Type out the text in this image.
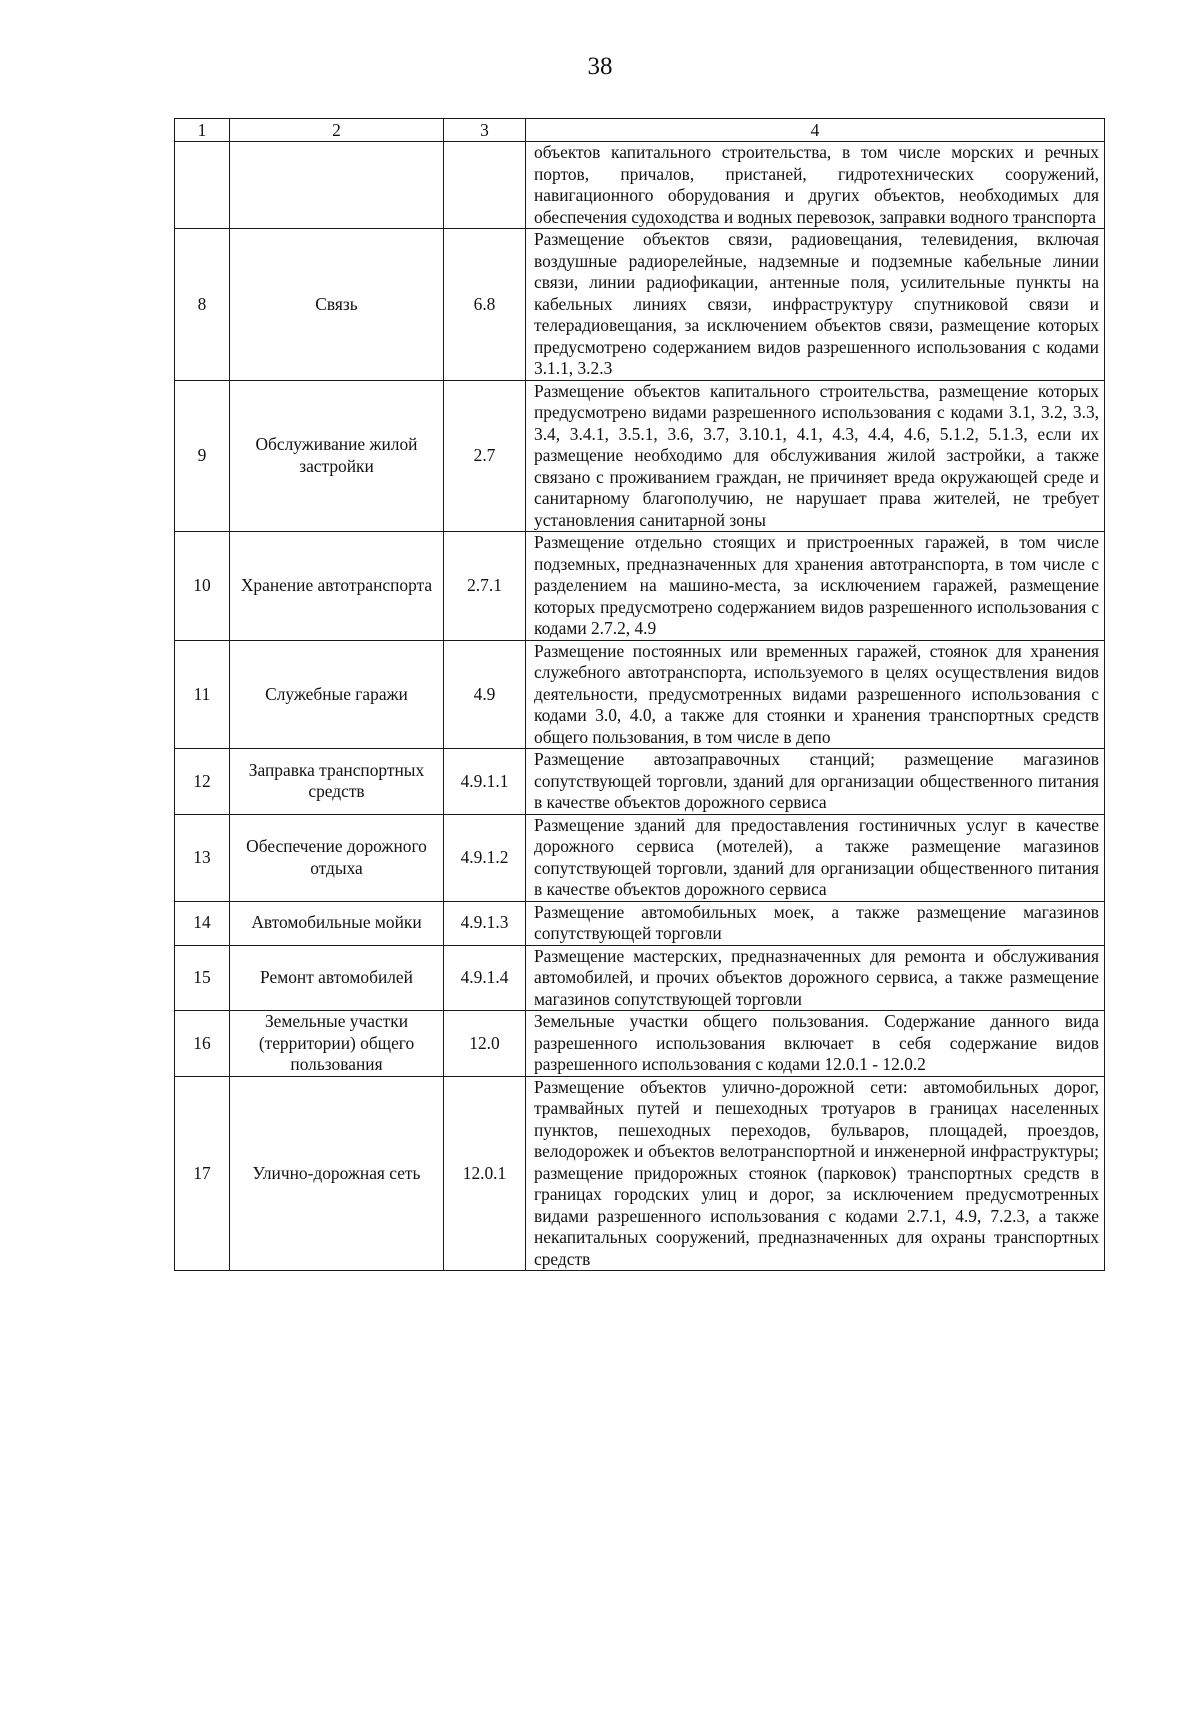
38
1	2	3	4
			объектов капитального строительства, в том числе морских и речных портов, причалов, пристаней, гидротехнических сооружений, навигационного оборудования и других объектов, необходимых для обеспечения судоходства и водных перевозок, заправки водного транспорта
8	Связь	6.8	Размещение объектов связи, радиовещания, телевидения, включая воздушные радиорелейные, надземные и подземные кабельные линии связи, линии радиофикации, антенные поля, усилительные пункты на кабельных линиях связи, инфраструктуру спутниковой связи и телерадиовещания, за исключением объектов связи, размещение которых предусмотрено содержанием видов разрешенного использования с кодами 3.1.1, 3.2.3
9	Обслуживание жилой застройки	2.7	Размещение объектов капитального строительства, размещение которых предусмотрено видами разрешенного использования с кодами 3.1, 3.2, 3.3, 3.4, 3.4.1, 3.5.1, 3.6, 3.7, 3.10.1, 4.1, 4.3, 4.4, 4.6, 5.1.2, 5.1.3, если их размещение необходимо для обслуживания жилой застройки, а также связано с проживанием граждан, не причиняет вреда окружающей среде и санитарному благополучию, не нарушает права жителей, не требует установления санитарной зоны
10	Хранение автотранспорта	2.7.1	Размещение отдельно стоящих и пристроенных гаражей, в том числе подземных, предназначенных для хранения автотранспорта, в том числе с разделением на машино-места, за исключением гаражей, размещение которых предусмотрено содержанием видов разрешенного использования с кодами 2.7.2, 4.9
11	Служебные гаражи	4.9	Размещение постоянных или временных гаражей, стоянок для хранения служебного автотранспорта, используемого в целях осуществления видов деятельности, предусмотренных видами разрешенного использования с кодами 3.0, 4.0, а также для стоянки и хранения транспортных средств общего пользования, в том числе в депо
12	Заправка транспортных средств	4.9.1.1	Размещение автозаправочных станций; размещение магазинов сопутствующей торговли, зданий для организации общественного питания в качестве объектов дорожного сервиса
13	Обеспечение дорожного отдыха	4.9.1.2	Размещение зданий для предоставления гостиничных услуг в качестве дорожного сервиса (мотелей), а также размещение магазинов сопутствующей торговли, зданий для организации общественного питания в качестве объектов дорожного сервиса
14	Автомобильные мойки	4.9.1.3	Размещение автомобильных моек, а также размещение магазинов сопутствующей торговли
15	Ремонт автомобилей	4.9.1.4	Размещение мастерских, предназначенных для ремонта и обслуживания автомобилей, и прочих объектов дорожного сервиса, а также размещение магазинов сопутствующей торговли
16	Земельные участки (территории) общего пользования	12.0	Земельные участки общего пользования. Содержание данного вида разрешенного использования включает в себя содержание видов разрешенного использования с кодами 12.0.1 - 12.0.2
17	Улично-дорожная сеть	12.0.1	Размещение объектов улично-дорожной сети: автомобильных дорог, трамвайных путей и пешеходных тротуаров в границах населенных пунктов, пешеходных переходов, бульваров, площадей, проездов, велодорожек и объектов велотранспортной и инженерной инфраструктуры; размещение придорожных стоянок (парковок) транспортных средств в границах городских улиц и дорог, за исключением предусмотренных видами разрешенного использования с кодами 2.7.1, 4.9, 7.2.3, а также некапитальных сооружений, предназначенных для охраны транспортных средств
